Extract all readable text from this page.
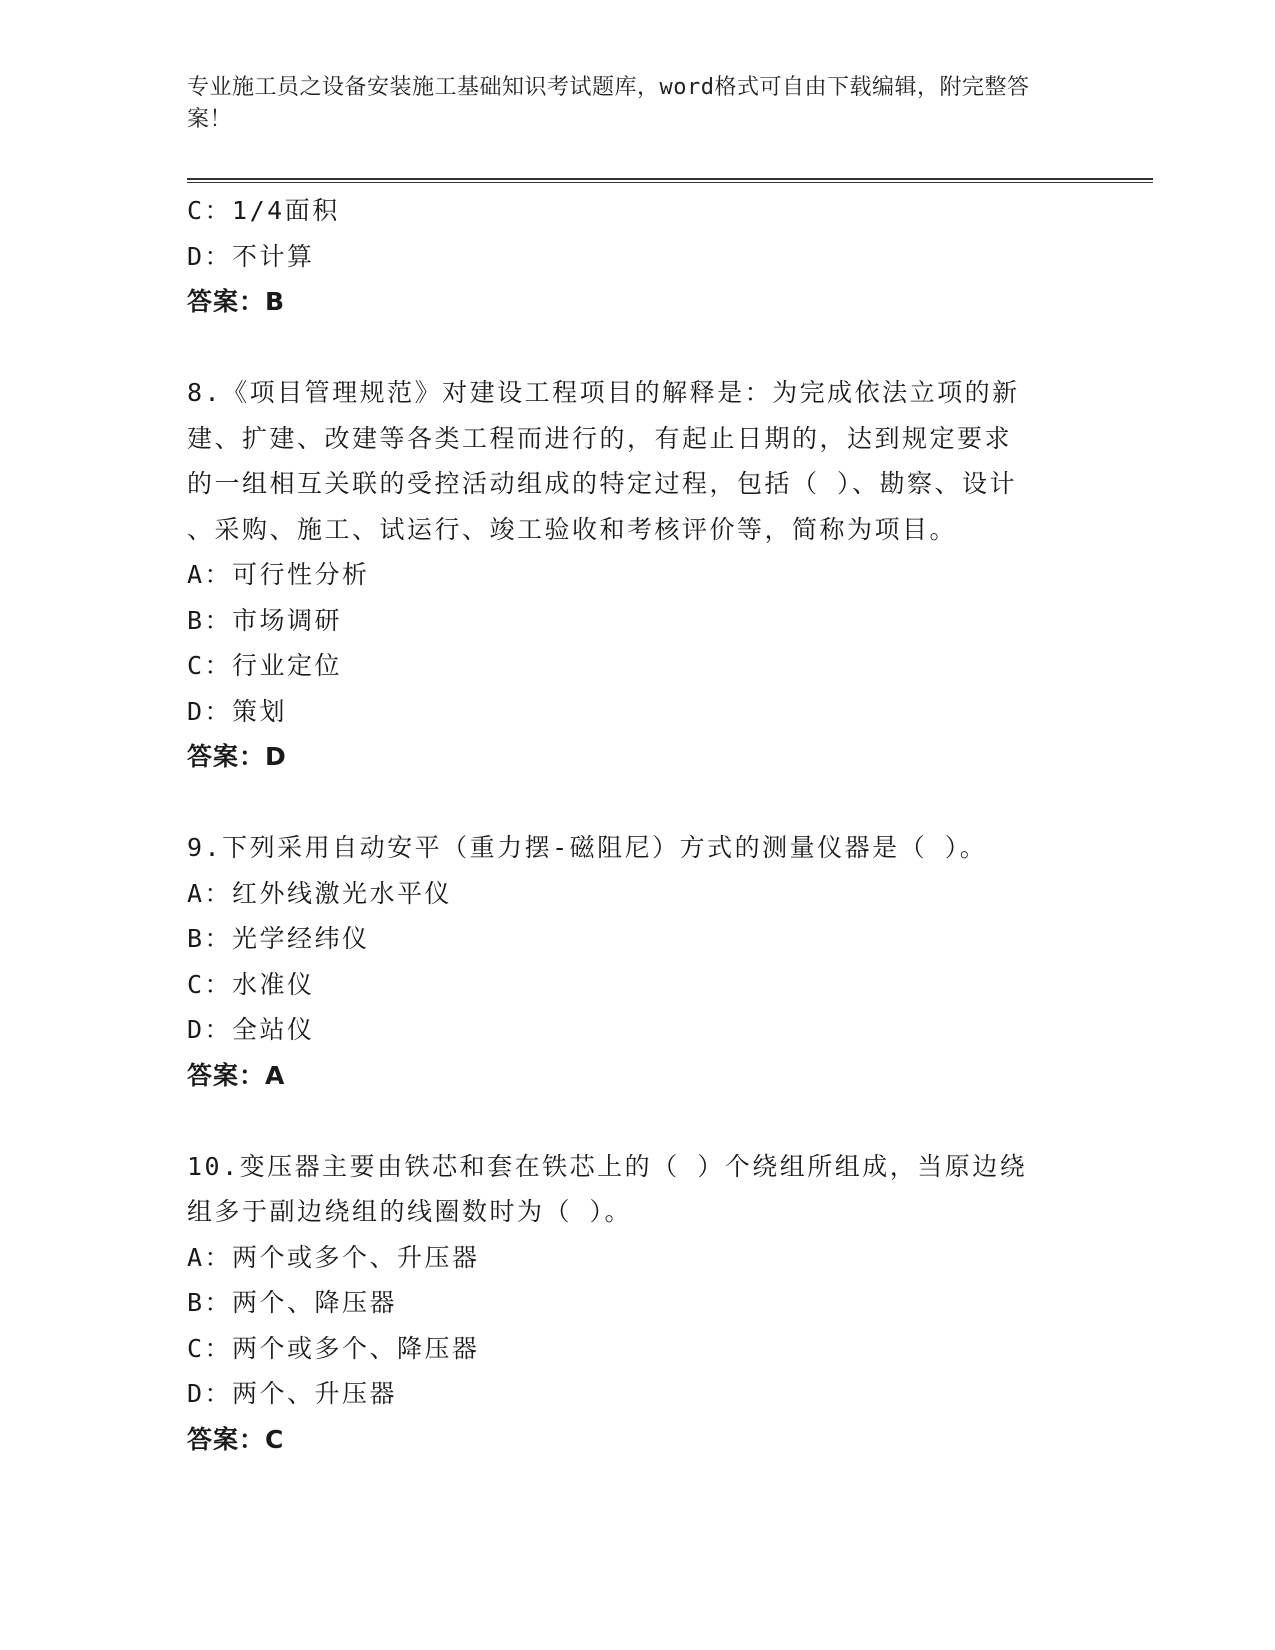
专业施工员之设备安装施工基础知识考试题库，word格式可自由下载编辑，附完整答案！
C：1/4面积
D：不计算
答案：B
8.《项目管理规范》对建设工程项目的解释是：为完成依法立项的新
建、扩建、改建等各类工程而进行的，有起止日期的，达到规定要求
的一组相互关联的受控活动组成的特定过程，包括（ ）、勘察、设计
、采购、施工、试运行、竣工验收和考核评价等，简称为项目。
A：可行性分析
B：市场调研
C：行业定位
D：策划
答案：D
9.下列采用自动安平（重力摆-磁阻尼）方式的测量仪器是（ ）。
A：红外线激光水平仪
B：光学经纬仪
C：水准仪
D：全站仪
答案：A
10.变压器主要由铁芯和套在铁芯上的（ ）个绕组所组成，当原边绕
组多于副边绕组的线圈数时为（ ）。
A：两个或多个、升压器
B：两个、降压器
C：两个或多个、降压器
D：两个、升压器
答案：C
